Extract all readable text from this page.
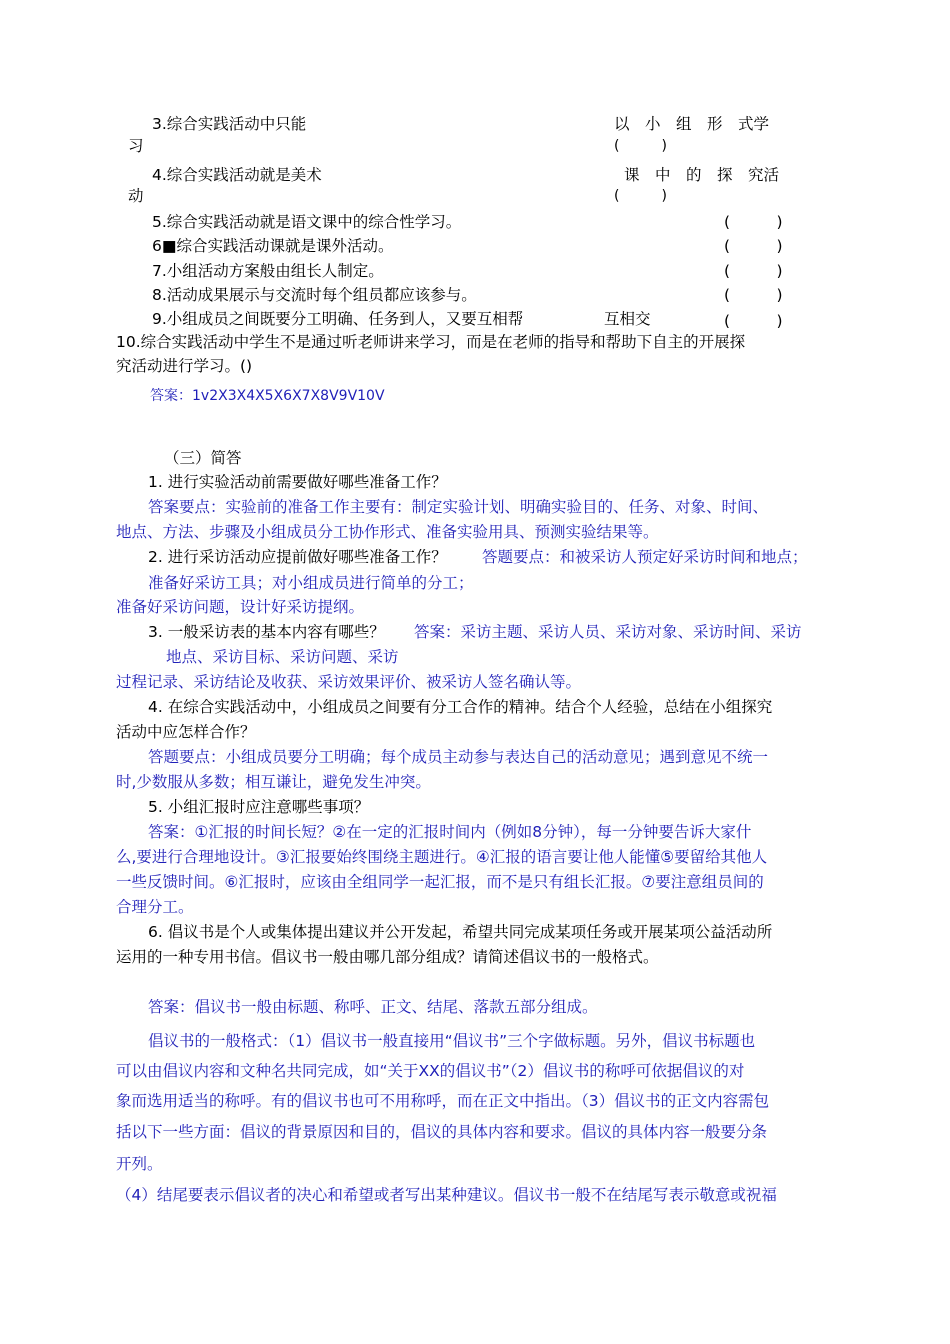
3.综合实践活动中只能	以　小　组　形　式学
习	(　　　)
4.综合实践活动就是美术	课　中　的　探　究活
动	(　　　)
5.综合实践活动就是语文课中的综合性学习。	(　　　)
6■综合实践活动课就是课外活动。	(　　　)
7.小组活动方案般由组长人制定。	(　　　)
8.活动成果展示与交流时每个组员都应该参与。	(　　　)
9.小组成员之间既要分工明确、任务到人，又要互相帮	互相交	(　　　)
10.综合实践活动中学生不是通过听老师讲来学习，而是在老师的指导和帮助下自主的开展探
究活动进行学习。()
答案：1v2X3X4X5X6X7X8V9V10V
（三）简答
1. 进行实验活动前需要做好哪些准备工作？
答案要点：实验前的准备工作主要有：制定实验计划、明确实验目的、任务、对象、时间、
地点、方法、步骤及小组成员分工协作形式、准备实验用具、预测实验结果等。
2. 进行采访活动应提前做好哪些准备工作？ 答题要点：和被采访人预定好采访时间和地点；
准备好采访工具；对小组成员进行简单的分工；
准备好采访问题，设计好采访提纲。
3. 一般采访表的基本内容有哪些？ 答案：采访主题、采访人员、采访对象、采访时间、采访
地点、采访目标、采访问题、采访
过程记录、采访结论及收获、采访效果评价、被采访人签名确认等。
4. 在综合实践活动中，小组成员之间要有分工合作的精神。结合个人经验，总结在小组探究
活动中应怎样合作？
答题要点：小组成员要分工明确；每个成员主动参与表达自己的活动意见；遇到意见不统一
时,少数服从多数；相互谦让，避免发生冲突。
5. 小组汇报时应注意哪些事项？
答案：①汇报的时间长短？②在一定的汇报时间内（例如8分钟），每一分钟要告诉大家什
么,要进行合理地设计。③汇报要始终围绕主题进行。④汇报的语言要让他人能懂⑤要留给其他人
一些反馈时间。⑥汇报时，应该由全组同学一起汇报，而不是只有组长汇报。⑦要注意组员间的
合理分工。
6. 倡议书是个人或集体提出建议并公开发起，希望共同完成某项任务或开展某项公益活动所
运用的一种专用书信。倡议书一般由哪几部分组成？请简述倡议书的一般格式。
答案：倡议书一般由标题、称呼、正文、结尾、落款五部分组成。
倡议书的一般格式：（1）倡议书一般直接用“倡议书”三个字做标题。另外，倡议书标题也
可以由倡议内容和文种名共同完成，如“关于XX的倡议书”（2）倡议书的称呼可依据倡议的对
象而选用适当的称呼。有的倡议书也可不用称呼，而在正文中指出。（3）倡议书的正文内容需包
括以下一些方面：倡议的背景原因和目的，倡议的具体内容和要求。倡议的具体内容一般要分条
开列。
（4）结尾要表示倡议者的决心和希望或者写出某种建议。倡议书一般不在结尾写表示敬意或祝福
